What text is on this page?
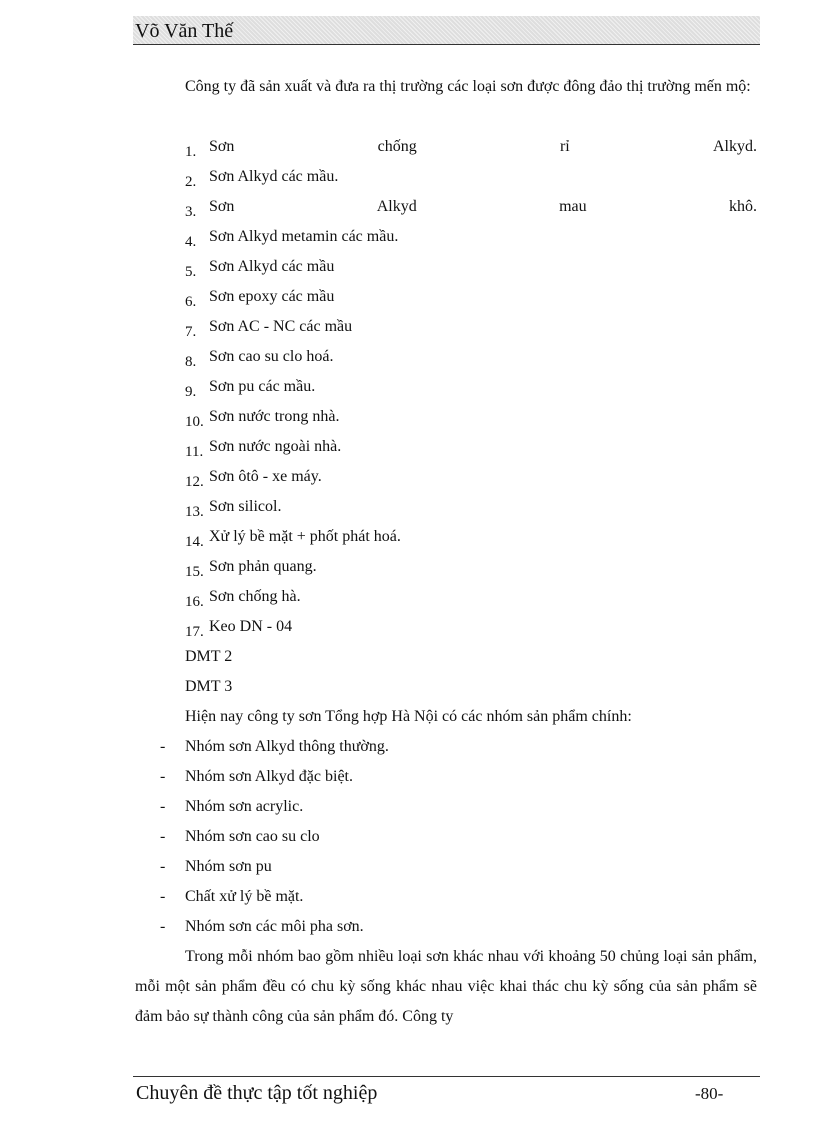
Võ Văn Thế

Công ty đã sản xuất và đưa ra thị trường các loại sơn được đông đảo thị trường mến mộ:

1. Sơn	chống	rỉ	Alkyd.
2. Sơn Alkyd các mầu.
3. Sơn	Alkyd	mau	khô.
4. Sơn Alkyd metamin các mầu.
5. Sơn Alkyd các mầu
6. Sơn epoxy các mầu
7. Sơn AC - NC các mầu
8. Sơn cao su clo hoá.
9. Sơn pu các mầu.
10. Sơn nước trong nhà.
11. Sơn nước ngoài nhà.
12. Sơn ôtô - xe máy.
13. Sơn silicol.
14. Xử lý bề mặt + phốt phát hoá.
15. Sơn phản quang.
16. Sơn chống hà.
17. Keo DN - 04
DMT 2
DMT 3
Hiện nay công ty sơn Tổng hợp Hà Nội có các nhóm sản phẩm chính:
-	Nhóm sơn Alkyd thông thường.
-	Nhóm sơn Alkyd đặc biệt.
-	Nhóm sơn acrylic.
-	Nhóm sơn cao su clo
-	Nhóm sơn pu
-	Chất xử lý bề mặt.
-	Nhóm sơn các môi pha sơn.

Trong mỗi nhóm bao gồm nhiều loại sơn khác nhau với khoảng 50 chủng loại sản phẩm, mỗi một sản phẩm đều có chu kỳ sống khác nhau việc khai thác chu kỳ sống của sản phẩm sẽ đảm bảo sự thành công của sản phẩm đó. Công ty

Chuyên đề thực tập tốt nghiệp	-80-
